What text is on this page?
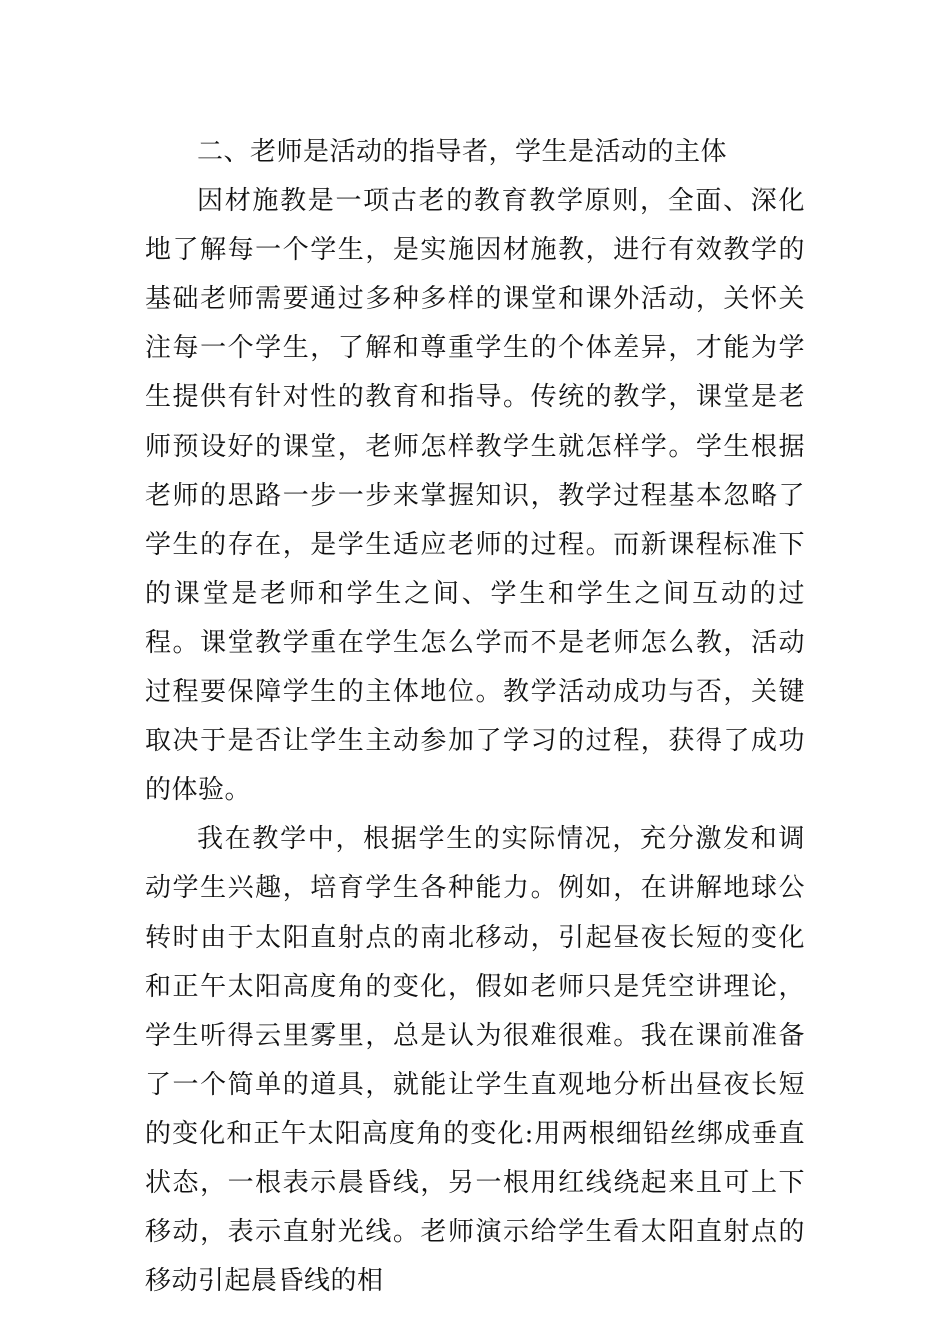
二、老师是活动的指导者，学生是活动的主体

因材施教是一项古老的教育教学原则，全面、深化地了解每一个学生，是实施因材施教，进行有效教学的基础老师需要通过多种多样的课堂和课外活动，关怀关注每一个学生，了解和尊重学生的个体差异，才能为学生提供有针对性的教育和指导。传统的教学，课堂是老师预设好的课堂，老师怎样教学生就怎样学。学生根据老师的思路一步一步来掌握知识，教学过程基本忽略了学生的存在，是学生适应老师的过程。而新课程标准下的课堂是老师和学生之间、学生和学生之间互动的过程。课堂教学重在学生怎么学而不是老师怎么教，活动过程要保障学生的主体地位。教学活动成功与否，关键取决于是否让学生主动参加了学习的过程，获得了成功的体验。

我在教学中，根据学生的实际情况，充分激发和调动学生兴趣，培育学生各种能力。例如，在讲解地球公转时由于太阳直射点的南北移动，引起昼夜长短的变化和正午太阳高度角的变化，假如老师只是凭空讲理论，学生听得云里雾里，总是认为很难很难。我在课前准备了一个简单的道具，就能让学生直观地分析出昼夜长短的变化和正午太阳高度角的变化:用两根细铅丝绑成垂直状态，一根表示晨昏线，另一根用红线绕起来且可上下移动，表示直射光线。老师演示给学生看太阳直射点的移动引起晨昏线的相
